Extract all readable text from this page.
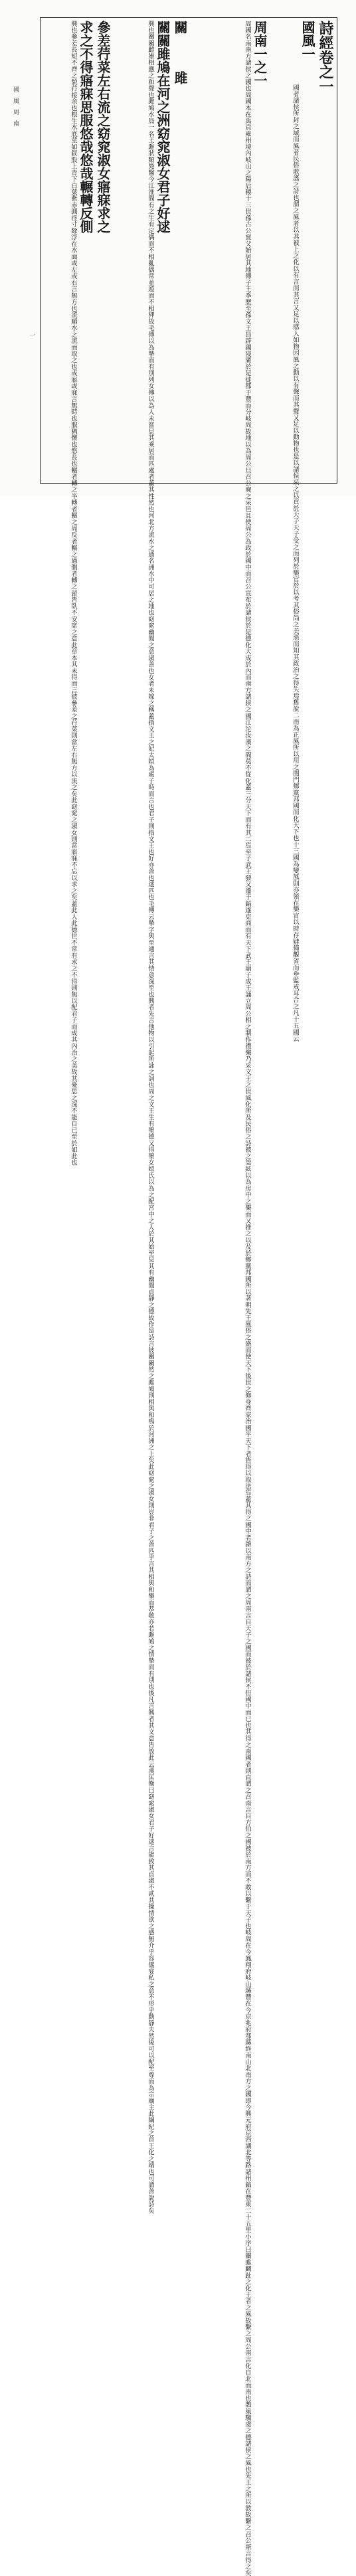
詩經卷之一
國風一
國者諸侯所封之域而風者民俗歌謠之詩也謂之風者以其被上之化以有言而其言又足以感人如物因風之動以有聲而其聲又足以動物也是以諸侯采之以貢於天子天子受之而列於樂官於以考其俗尚之美惡而知其政治之得失焉舊說二南為正風所以用之閨門鄉黨邦國而化天下也十三國為變風則亦領在樂官以時存肄備觀省而垂監戒耳合之凡十五國云
周南一之一
周國名南南方諸侯之國也周國本在禹貢雍州境內岐山之陽后稷十三世孫古公亶父始居其地傳子王季歷至孫文王昌辟國寖廣於是徙都于豐而分岐周故地以為周公旦召公奭之采邑且使周公為政於國中而召公宣布於諸侯於是德化大成於內而南方諸侯之國江沱汝漢之間莫不從化蓋三分天下而有其二焉至子武王發又遷于鎬遂克商而有天下武王崩子成王誦立周公相之制作禮樂乃采文王之世風化所及民俗之詩被之筦絃以為房中之樂而又推之以及於鄉黨邦國所以著明先王風俗之盛而使天下後世之修身齊家治國平天下者皆得以取法焉蓋其得之國中者雜以南方之詩而謂之周南言自天子之國而被於諸侯不但國中而已也其得之南國者則直謂之召南言自方伯之國被於南方而不敢以繫于天子也岐周在今鳳翔府岐山縣豐在今京兆府鄠縣終南山北南方之國即今興元府京西湖北等路諸州鎬在豐東二十五里小序曰關雎麟趾之化王者之風故繫之周公南言化自北而南也鵲巢騶虞之德諸侯之風也先王之所以教故繫之召公斯言得之矣
關
雎
關關雎鳩在河之洲窈窕淑女君子好逑
興也關關雌雄相應之和聲也雎鳩水鳥一名王雎狀類鳧鷖今江淮間有之生有定偶而不相亂偶常並遊而不相狎故毛傳以為摯而有別列女傳以為人未嘗見其乘居而匹處者蓋其性然也河北方流水之通名洲水中可居之地也窈窕幽閒之意淑善也女者未嫁之稱蓋指文王之妃太姒為處子時而言也君子則指文王也好亦善也逑匹也毛傳云摯字與至通言其情意深至也興者先言他物以引起所詠之詞也周之文王生有聖德又得聖女姒氏以為之配宮中之人於其始至見其有幽閒貞靜之德故作是詩言彼關關然之雎鳩則相與和鳴於河洲之上矣此窈窕之淑女則豈非君子之善匹乎言其相與和樂而恭敬亦若雎鳩之情摯而有別也後凡言興者其文意皆放此云漢匡衡曰窈窕淑女君子好逑言能致其貞淑不貳其操情欲之感無介乎容儀宴私之意不形乎動靜夫然後可以配至尊而為宗廟主此綱紀之首王化之端也可謂善說詩矣
參差荇菜左右流之窈窕淑女寤寐求之
求之不得寤寐思服悠哉悠哉輾轉反側
興也參差長短不齊之貌荇接余也根生水底莖如釵股上青下白葉紫赤圓徑寸餘浮在水面或左或右言無方也流順水之流而取之也或寤或寐言無時也服猶懷也悠長也輾者轉之半轉者輾之周反者輾之過側者轉之留皆臥不安席之意此章本其未得而言彼參差之荇菜則當左右無方以流之矣此窈窕之淑女則當寤寐不忘以求之矣蓋此人此德世不常有求之不得則無以配君子而成其內治之美故其憂思之深不能自已至於如此也
國風周南
一
